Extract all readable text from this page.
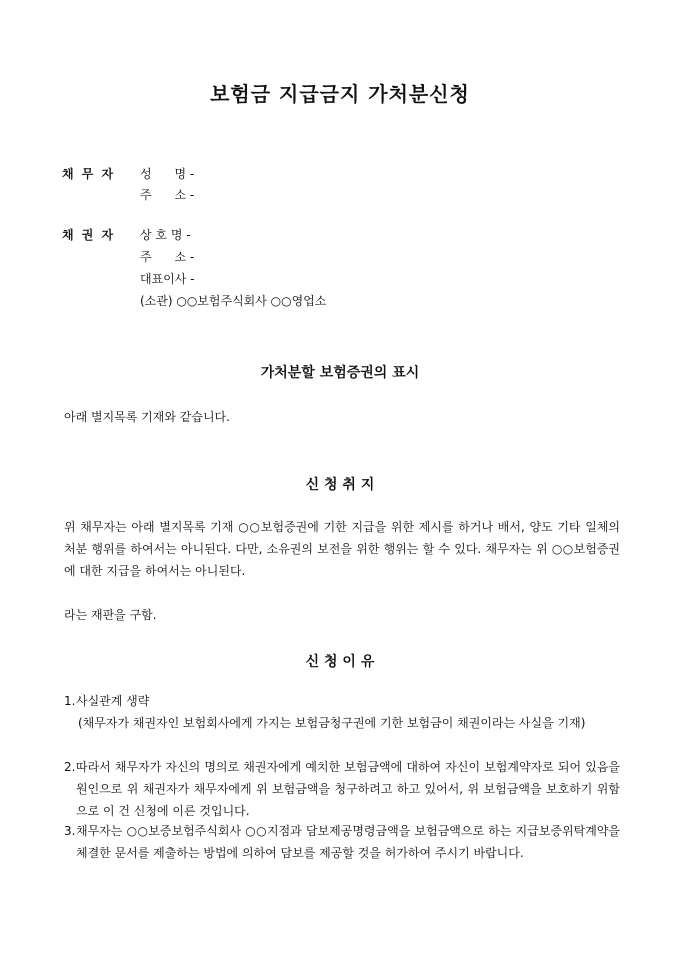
보험금 지급금지 가처분신청
채 무 자 성      명 -
주      소 -
채 권 자 상 호 명 -
주      소 -
대표이사 -
(소관) ○○보험주식회사 ○○영업소
가처분할 보험증권의 표시
아래 별지목록 기재와 같습니다.
신 청 취 지
위 채무자는 아래 별지목록 기재 ○○보험증권에 기한 지급을 위한 제시를 하거나 배서, 양도 기타 일체의 처분 행위를 하여서는 아니된다. 다만, 소유권의 보전을 위한 행위는 할 수 있다. 채무자는 위 ○○보험증권에 대한 지급을 하여서는 아니된다.
라는 재판을 구함.
신 청 이 유
1. 사실관계 생략
(채무자가 채권자인 보험회사에게 가지는 보험금청구권에 기한 보험금이 채권이라는 사실을 기재)
2. 따라서 채무자가 자신의 명의로 채권자에게 예치한 보험금액에 대하여 자신이 보험계약자로 되어 있음을 원인으로 위 채권자가 채무자에게 위 보험금액을 청구하려고 하고 있어서, 위 보험금액을 보호하기 위함으로 이 건 신청에 이른 것입니다.
3. 채무자는 ○○보증보험주식회사 ○○지점과 담보제공명령금액을 보험금액으로 하는 지급보증위탁계약을 체결한 문서를 제출하는 방법에 의하여 담보를 제공할 것을 허가하여 주시기 바랍니다.
